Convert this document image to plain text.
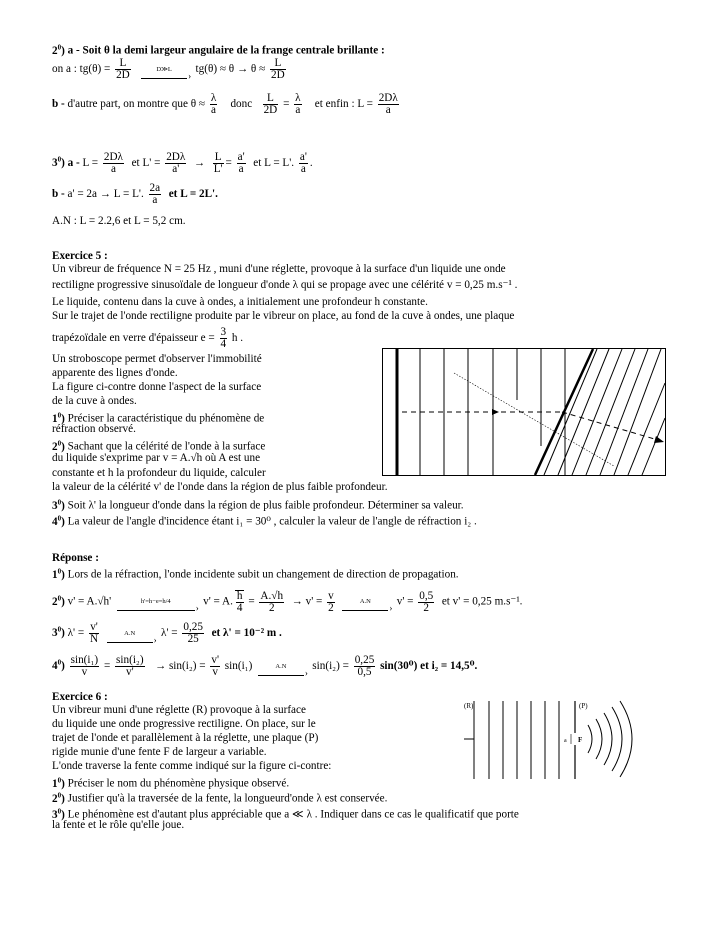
$2^0$) a - Soit θ la demi largeur angulaire de la frange centrale brillante :
on a : $tg(\theta) = \frac{L}{2D}$	D≫L
›
$tg(\theta) \approx \theta \to \theta \approx \frac{L}{2D}$
b - d'autre part, on montre que $\theta \approx \frac{\lambda}{a}$ donc $\frac{L}{2D} = \frac{\lambda}{a}$ et enfin : $L = \frac{2D\lambda}{a}$
$3^0$) $a - L = \frac{2D\lambda}{a}$ et $L' = \frac{2D\lambda}{a'} \to \frac{L}{L'} = \frac{a'}{a}$ et L = L'. $\frac{a'}{a}$ .
b - a' = 2a → L = L'. $\frac{2a}{a}$ et L = 2L'.
A.N : L = 2.2,6 et L = 5,2 cm.
Exercice 5 :
Un vibreur de fréquence N = 25 Hz , muni d'une réglette, provoque à la surface d'un liquide une onde
rectiligne progressive sinusoïdale de longueur d'onde λ qui se propage avec une célérité v = 0,25 m.s⁻¹ .
Le liquide, contenu dans la cuve à ondes, a initialement une profondeur h constante.
Sur le trajet de l'onde rectiligne produite par le vibreur on place, au fond de la cuve à ondes, une plaque
trapézoïdale en verre d'épaisseur $e = \frac{3}{4}$ h .
Un stroboscope permet d'observer l'immobilité
apparente des lignes d'onde.
La figure ci-contre donne l'aspect de la surface
de la cuve à ondes.
$1^0$) Préciser la caractéristique du phénomène de
réfraction observé.
$2^0$) Sachant que la célérité de l'onde à la surface
du liquide s'exprime par v = A.√h où A est une
constante et h la profondeur du liquide, calculer
la valeur de la célérité v' de l'onde dans la région de plus faible profondeur.
$3^0$) Soit λ' la longueur d'onde dans la région de plus faible profondeur. Déterminer sa valeur.
$4^0$) La valeur de l'angle d'incidence étant i₁ = 30⁰ , calculer la valeur de l'angle de réfraction i₂ .
Réponse :
$1^0$) Lors de la réfraction, l'onde incidente subit un changement de direction de propagation.
$2^0$) v' = A.√h'	h'=h−e=h/4
›
v' = A. $\frac{h}{4} = \frac{A.√h}{2} \to v' = \frac{v}{2}$	A.N
›
$v' = \frac{0,5}{2}$ et v' = 0,25 m.s⁻¹.
$3^0$) $\lambda' = \frac{v'}{N}$	A.N
›
$\lambda' = \frac{0,25}{25}$ et λ' = 10⁻² m .
$4^0) \frac{\text{sin(i₁)}}{v} = \frac{\text{sin(i₂)}}{v'} \to \sin(i_2) = \frac{v'}{v} \sin(i_1)$	A.N
›
$\sin(i_2) = \frac{0,25}{0,5} \sin(30^0)$ et i₂ = 14,5⁰.
Exercice 6 :
Un vibreur muni d'une réglette (R) provoque à la surface
du liquide une onde progressive rectiligne. On place, sur le
trajet de l'onde et parallèlement à la réglette, une plaque (P)
rigide munie d'une fente F de largeur a variable.
L'onde traverse la fente comme indiqué sur la figure ci-contre:
$1^0$) Préciser le nom du phénomène physique observé.
$2^0$) Justifier qu'à la traversée de la fente, la longueurd'onde λ est conservée.
$3^0$) Le phénomène est d'autant plus appréciable que a ≪ λ . Indiquer dans ce cas le qualificatif que porte
la fente et le rôle qu'elle joue.
(R)	(P)
a F
